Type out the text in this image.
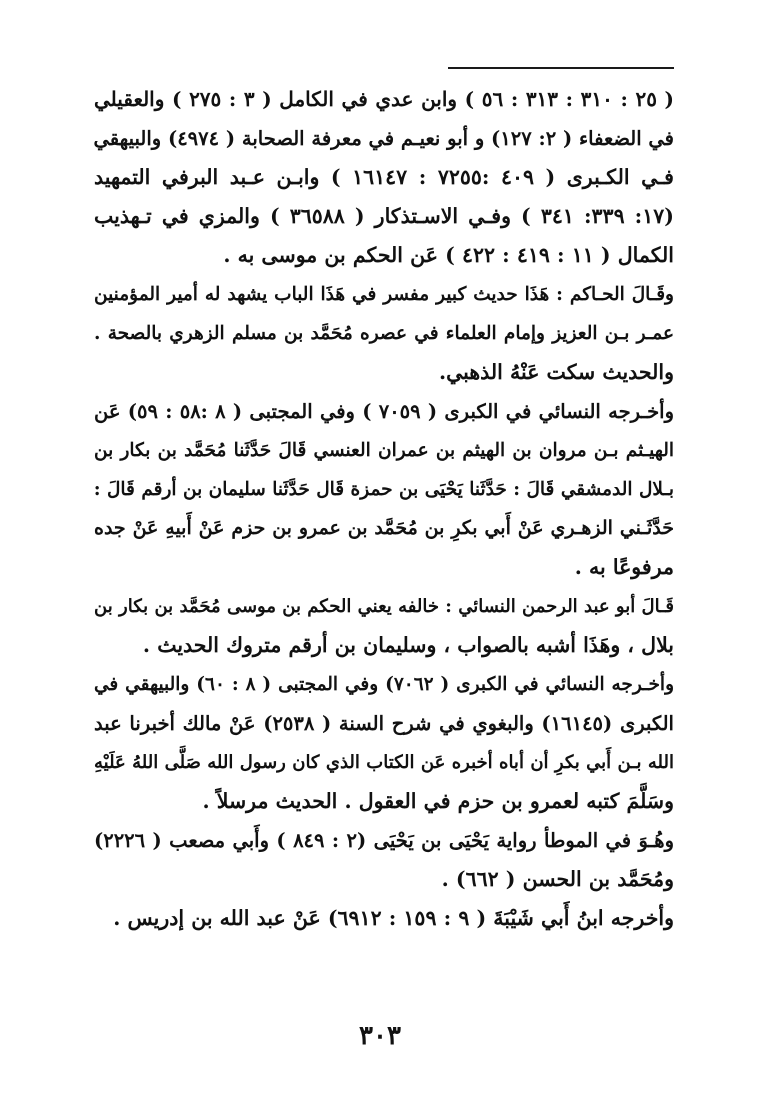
( ٢٥ : ٣١٠ : ٣١٣ : ٥٦ ) وابن عدي في الكامل ( ٣ : ٢٧٥ ) والعقيلي
في الضعفاء ( ٢: ١٢٧) و أبو نعيـم في معرفة الصحابة ( ٤٩٧٤) والبيهقي
فـي الكـبرى ( ٤٠٩ :٧٢٥٥ : ١٦١٤٧ ) وابـن عـبد البرفي التمهيد
(١٧: ٣٣٩: ٣٤١ ) وفـي الاسـتذكار ( ٣٦٥٨٨ ) والمزي في تـهذيب
الكمال ( ١١ : ٤١٩ : ٤٢٢ ) عَن الحكم بن موسى به .
وقَـالَ الحـاكم : هَذَا حديث كبير مفسر في هَذَا الباب يشهد له أمير المؤمنين
عمـر بـن العزيز وإمام العلماء في عصره مُحَمَّد بن مسلم الزهري بالصحة .
والحديث سكت عَنْهُ الذهبي.
وأخـرجه النسائي في الكبرى ( ٧٠٥٩ ) وفي المجتبى ( ٨ :٥٨ : ٥٩) عَن
الهيـثم بـن مروان بن الهيثم بن عمران العنسي قَالَ حَدَّثَنا مُحَمَّد بن بكار بن
بـلال الدمشقي قَالَ : حَدَّثَنا يَحْيَى بن حمزة قَال حَدَّثَنا سليمان بن أرقم قَالَ :
حَدَّثَـني الزهـري عَنْ أَبي بكرِ بن مُحَمَّد بن عمرو بن حزم عَنْ أَبيهِ عَنْ جده
مرفوعًا به .
قَـالَ أبو عبد الرحمن النسائي : خالفه يعني الحكم بن موسى مُحَمَّد بن بكار بن
بلال ، وهَذَا أشبه بالصواب ، وسليمان بن أرقم متروك الحديث .
وأخـرجه النسائي في الكبرى ( ٧٠٦٢) وفي المجتبى ( ٨ : ٦٠) والبيهقي في
الكبرى (١٦١٤٥) والبغوي في شرح السنة ( ٢٥٣٨) عَنْ مالك أخبرنا عبد
الله بـن أَبي بكرِ أن أباه أخبره عَن الكتاب الذي كان رسول الله صَلَّى اللهُ عَلَيْهِ
وسَلَّمَ كتبه لعمرو بن حزم في العقول . الحديث مرسلاً .
وهُـوَ في الموطأ رواية يَحْيَى بن يَحْيَى (٢ : ٨٤٩ ) وأَبي مصعب ( ٢٢٢٦)
ومُحَمَّد بن الحسن ( ٦٦٢) .
وأخرجه ابنُ أَبي شَيْبَةَ ( ٩ : ١٥٩ : ٦٩١٢) عَنْ عبد الله بن إدريس .
٣٠٣
